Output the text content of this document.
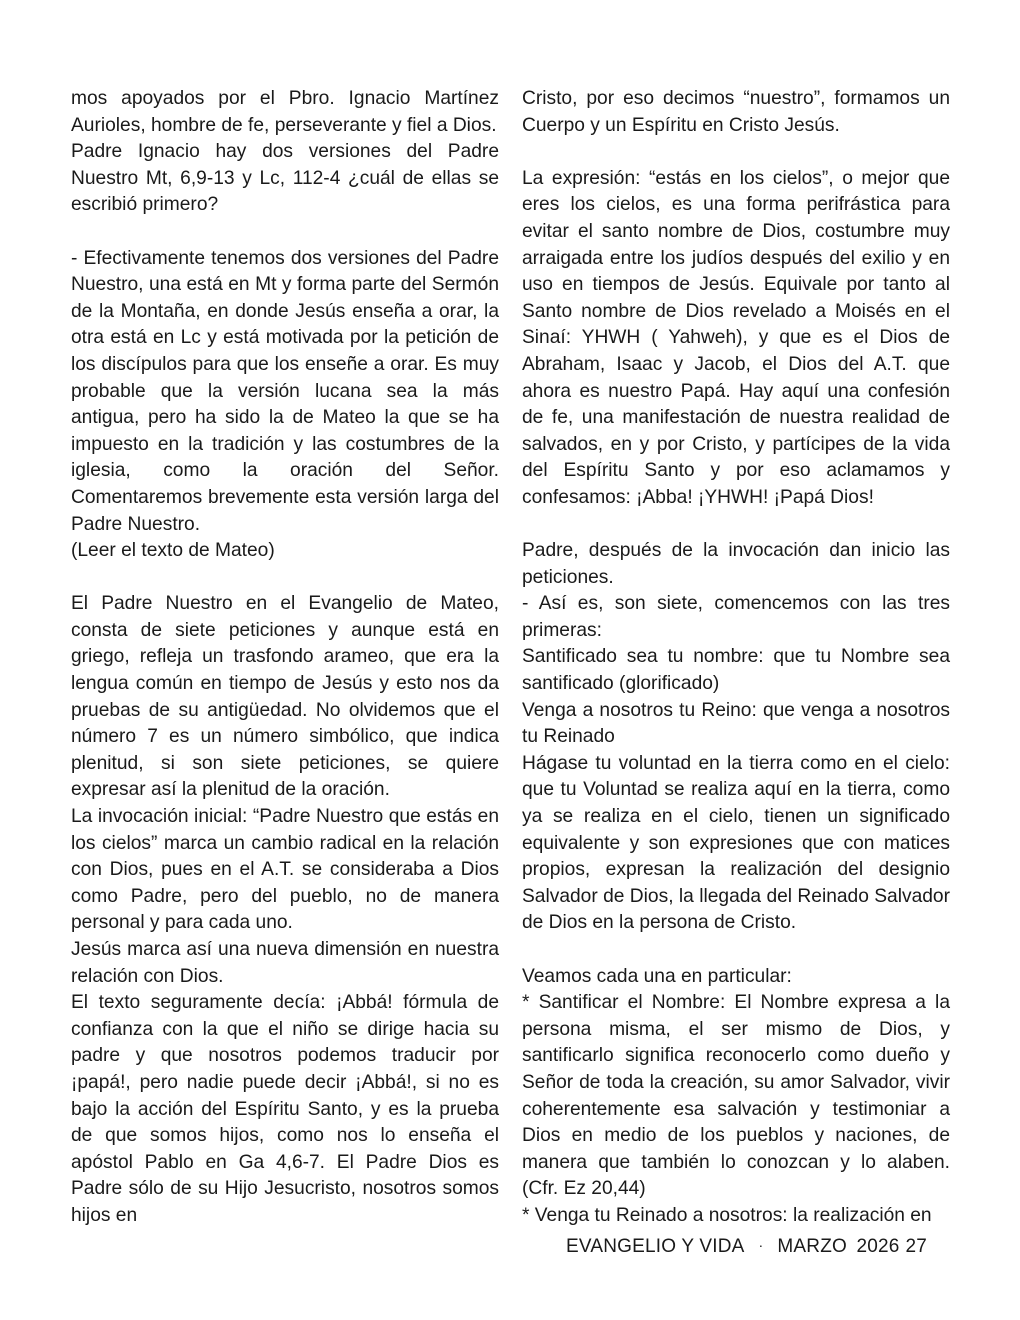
mos apoyados por el Pbro. Ignacio Martínez Aurioles, hombre de fe, perseverante y fiel a Dios.

Padre Ignacio hay dos versiones del Padre Nuestro Mt, 6,9-13 y Lc, 112-4 ¿cuál de ellas se escribió primero?

- Efectivamente tenemos dos versiones del Padre Nuestro, una está en Mt y forma parte del Sermón de la Montaña, en donde Jesús enseña a orar, la otra está en Lc y está motivada por la petición de los discípulos para que los enseñe a orar. Es muy probable que la versión lucana sea la más antigua, pero ha sido la de Mateo la que se ha impuesto en la tradición y las costumbres de la iglesia, como la oración del Señor. Comentaremos brevemente esta versión larga del Padre Nuestro.

(Leer el texto de Mateo)

El Padre Nuestro en el Evangelio de Mateo, consta de siete peticiones y aunque está en griego, refleja un trasfondo arameo, que era la lengua común en tiempo de Jesús y esto nos da pruebas de su antigüedad. No olvidemos que el número 7 es un número simbólico, que indica plenitud, si son siete peticiones, se quiere expresar así la plenitud de la oración.

La invocación inicial: “Padre Nuestro que estás en los cielos” marca un cambio radical en la relación con Dios, pues en el A.T. se consideraba a Dios como Padre, pero del pueblo, no de manera personal y para cada uno.

Jesús marca así una nueva dimensión en nuestra relación con Dios.

El texto seguramente decía: ¡Abbá! fórmula de confianza con la que el niño se dirige hacia su padre y que nosotros podemos traducir por ¡papá!, pero nadie puede decir ¡Abbá!, si no es bajo la acción del Espíritu Santo, y es la prueba de que somos hijos, como nos lo enseña el apóstol Pablo en Ga 4,6-7. El Padre Dios es Padre sólo de su Hijo Jesucristo, nosotros somos hijos en

Cristo, por eso decimos “nuestro”, formamos un Cuerpo y un Espíritu en Cristo Jesús.

La expresión: “estás en los cielos”, o mejor que eres los cielos, es una forma perifrástica para evitar el santo nombre de Dios, costumbre muy arraigada entre los judíos después del exilio y en uso en tiempos de Jesús. Equivale por tanto al Santo nombre de Dios revelado a Moisés en el Sinaí: YHWH ( Yahweh), y que es el Dios de Abraham, Isaac y Jacob, el Dios del A.T. que ahora es nuestro Papá. Hay aquí una confesión de fe, una manifestación de nuestra realidad de salvados, en y por Cristo, y partícipes de la vida del Espíritu Santo y por eso aclamamos y confesamos: ¡Abba! ¡YHWH! ¡Papá Dios!

Padre, después de la invocación dan inicio las peticiones.

- Así es, son siete, comencemos con las tres primeras:

Santificado sea tu nombre: que tu Nombre sea santificado (glorificado)

Venga a nosotros tu Reino: que venga a nosotros tu Reinado

Hágase tu voluntad en la tierra como en el cielo: que tu Voluntad se realiza aquí en la tierra, como ya se realiza en el cielo, tienen un significado equivalente y son expresiones que con matices propios, expresan la realización del designio Salvador de Dios, la llegada del Reinado Salvador de Dios en la persona de Cristo.

Veamos cada una en particular:

* Santificar el Nombre: El Nombre expresa a la persona misma, el ser mismo de Dios, y santificarlo significa reconocerlo como dueño y Señor de toda la creación, su amor Salvador, vivir coherentemente esa salvación y testimoniar a Dios en medio de los pueblos y naciones, de manera que también lo conozcan y lo alaben. (Cfr. Ez 20,44)

* Venga tu Reinado a nosotros: la realización en

EVANGELIO Y VIDA · MARZO 2026 27
